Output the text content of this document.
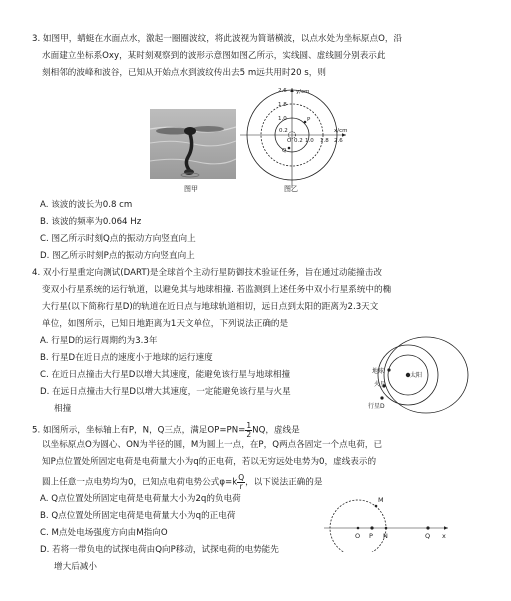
3. 如图甲，蜻蜓在水面点水，激起一圈圈波纹，将此波视为简谐横波，以点水处为坐标原点O，沿
水面建立坐标系Oxy，某时刻观察到的波形示意图如图乙所示，实线圆、虚线圆分别表示此
刻相邻的波峰和波谷，已知从开始点水到波纹传出去5 m远共用时20 s，则
图甲
y/cm
x/cm
2.6
1.8
1.0
0.2
0.2 1.0 1.8 2.6
O
P
Q
图乙
A. 该波的波长为0.8 cm
B. 该波的频率为0.064 Hz
C. 图乙所示时刻Q点的振动方向竖直向上
D. 图乙所示时刻P点的振动方向竖直向上
4. 双小行星重定向测试(DART)是全球首个主动行星防御技术验证任务，旨在通过动能撞击改
变双小行星系统的运行轨道，以避免其与地球相撞. 若监测到上述任务中双小行星系统中的椭
大行星(以下简称行星D)的轨道在近日点与地球轨道相切，远日点到太阳的距离为2.3天文
单位，如图所示，已知日地距离为1天文单位，下列说法正确的是
A. 行星D的运行周期约为3.3年
B. 行星D在近日点的速度小于地球的运行速度
C. 在近日点撞击大行星D以增大其速度，能避免该行星与地球相撞
D. 在远日点撞击大行星D以增大其速度，一定能避免该行星与火星
相撞
太阳
地球
火星
行星D
5. 如图所示，坐标轴上有P，N，Q三点，满足$OP=PN= \frac{1}{2}$ NQ，虚线是
以坐标原点O为圆心、ON为半径的圆，M为圆上一点，在P，Q两点各固定一个点电荷，已
知P点位置处所固定电荷是电荷量大小为q的正电荷，若以无穷远处电势为0，虚线表示的
圆上任意一点电势均为0，已知点电荷电势公式$\varphi=k \frac{Q}{r}$ ，以下说法正确的是
A. Q点位置处所固定电荷是电荷量大小为2q的负电荷
B. Q点位置处所固定电荷是电荷量大小为q的正电荷
C. M点处电场强度方向由M指向O
D. 若将一带负电的试探电荷由Q向P移动，试探电荷的电势能先
增大后减小
M
O P N	Q x
